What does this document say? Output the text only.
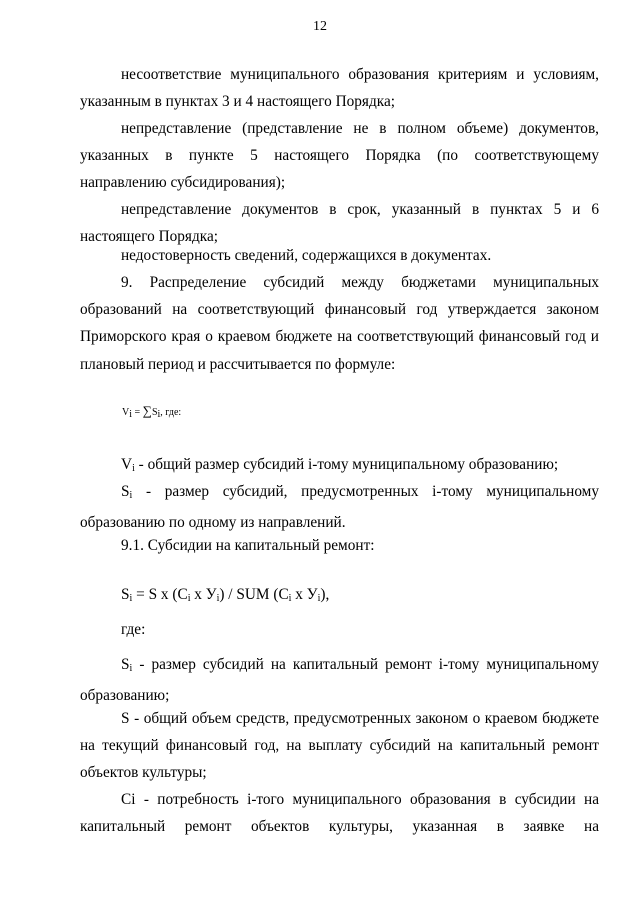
12
несоответствие муниципального образования критериям и условиям, указанным в пунктах 3 и 4 настоящего Порядка;
непредставление (представление не в полном объеме) документов, указанных в пункте 5 настоящего Порядка (по соответствующему направлению субсидирования);
непредставление документов в срок, указанный в пунктах 5 и 6 настоящего Порядка;
недостоверность сведений, содержащихся в документах.
9. Распределение субсидий между бюджетами муниципальных образований на соответствующий финансовый год утверждается законом Приморского края о краевом бюджете на соответствующий финансовый год и плановый период и рассчитывается по формуле:
Vi = ∑Si, где:
$V_i$ - общий размер субсидий i-тому муниципальному образованию;
$S_i$ - размер субсидий, предусмотренных i-тому муниципальному образованию по одному из направлений.
9.1. Субсидии на капитальный ремонт:
$S_i = S$ x ($C_i$ x $У_i$) / SUM ($C_i$ x $У_i$),
где:
$S_i$ - размер субсидий на капитальный ремонт i-тому муниципальному образованию;
S - общий объем средств, предусмотренных законом о краевом бюджете на текущий финансовый год, на выплату субсидий на капитальный ремонт объектов культуры;
Ci - потребность i-того муниципального образования в субсидии на капитальный ремонт объектов культуры, указанная в заявке на
